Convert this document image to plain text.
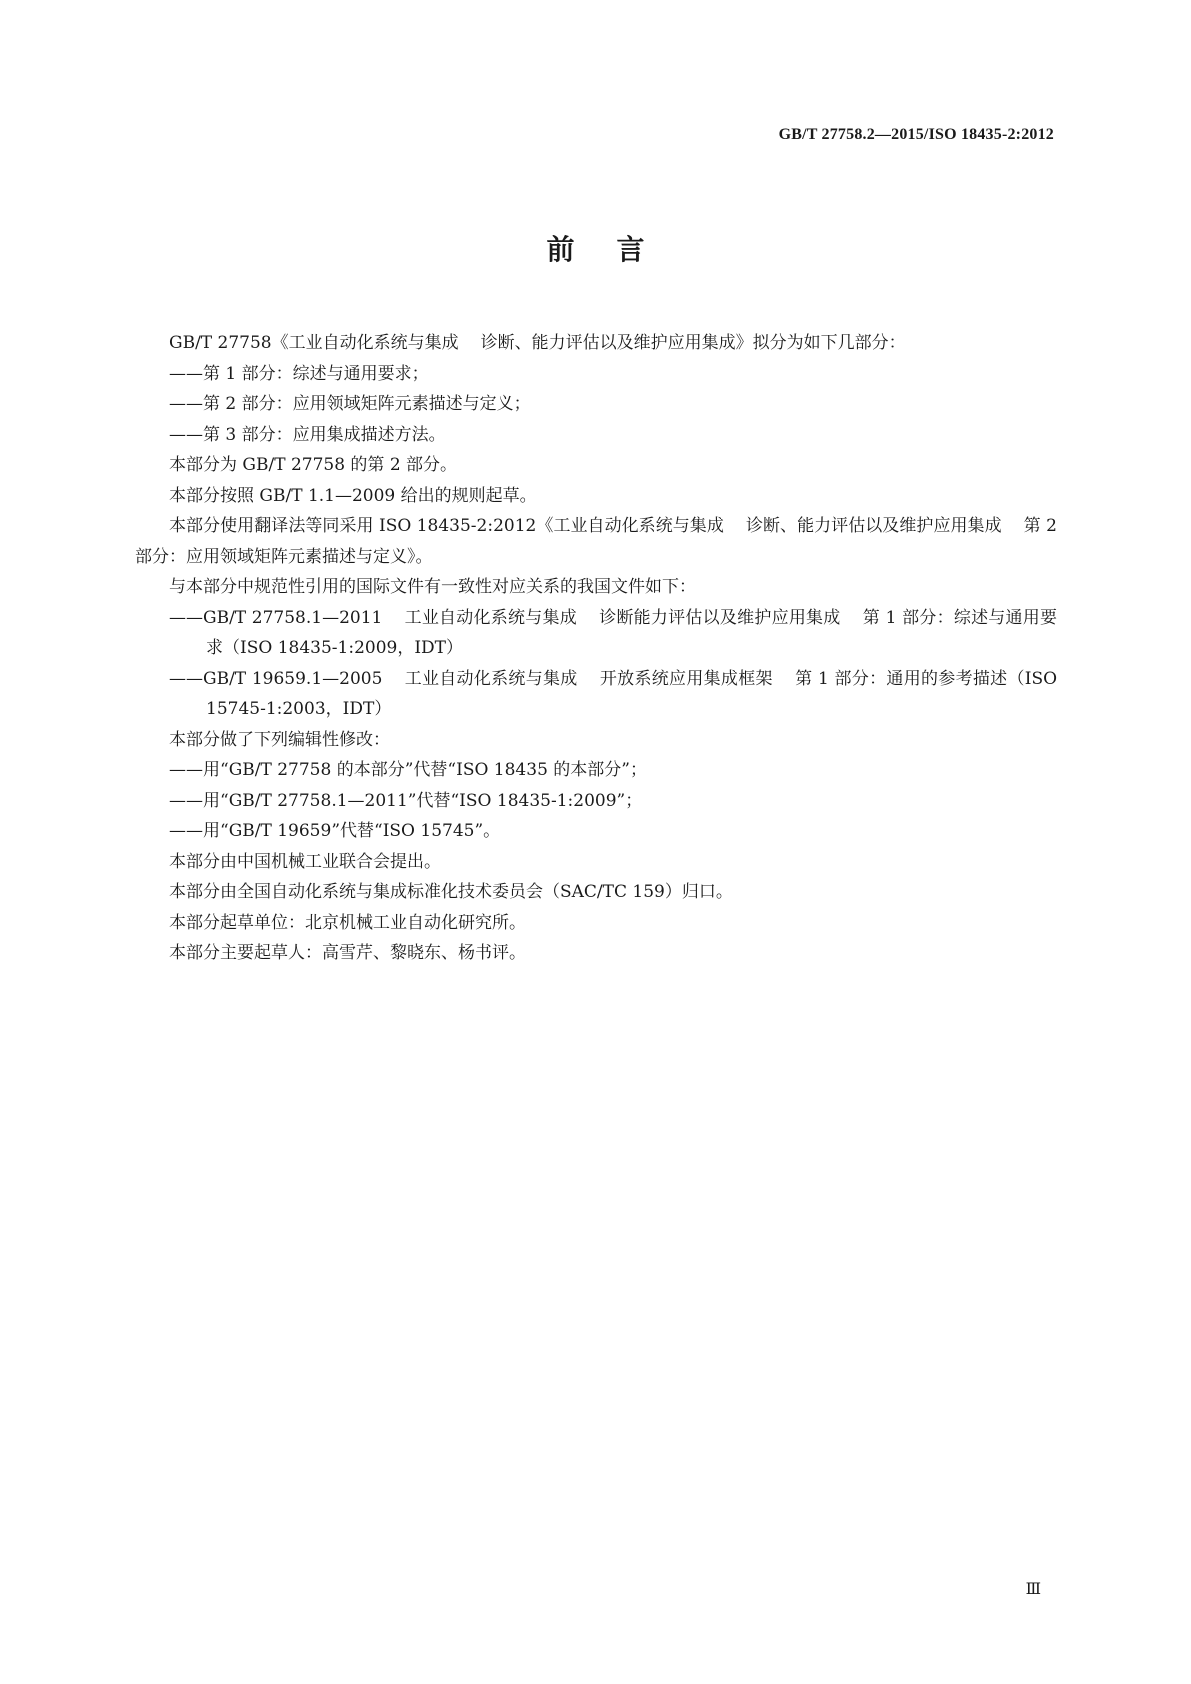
GB/T 27758.2—2015/ISO 18435-2:2012
前言

GB/T 27758《工业自动化系统与集成 诊断、能力评估以及维护应用集成》拟分为如下几部分：

——第 1 部分：综述与通用要求；

——第 2 部分：应用领域矩阵元素描述与定义；

——第 3 部分：应用集成描述方法。

本部分为 GB/T 27758 的第 2 部分。

本部分按照 GB/T 1.1—2009 给出的规则起草。

本部分使用翻译法等同采用 ISO 18435-2:2012《工业自动化系统与集成 诊断、能力评估以及维护应用集成 第 2 部分：应用领域矩阵元素描述与定义》。

与本部分中规范性引用的国际文件有一致性对应关系的我国文件如下：

——GB/T 27758.1—2011 工业自动化系统与集成 诊断能力评估以及维护应用集成 第 1 部分：综述与通用要求（ISO 18435-1:2009，IDT）

——GB/T 19659.1—2005 工业自动化系统与集成 开放系统应用集成框架 第 1 部分：通用的参考描述（ISO 15745-1:2003，IDT）

本部分做了下列编辑性修改：

——用“GB/T 27758 的本部分”代替“ISO 18435 的本部分”；

——用“GB/T 27758.1—2011”代替“ISO 18435-1:2009”；

——用“GB/T 19659”代替“ISO 15745”。

本部分由中国机械工业联合会提出。

本部分由全国自动化系统与集成标准化技术委员会（SAC/TC 159）归口。

本部分起草单位：北京机械工业自动化研究所。

本部分主要起草人：高雪芹、黎晓东、杨书评。

Ⅲ
